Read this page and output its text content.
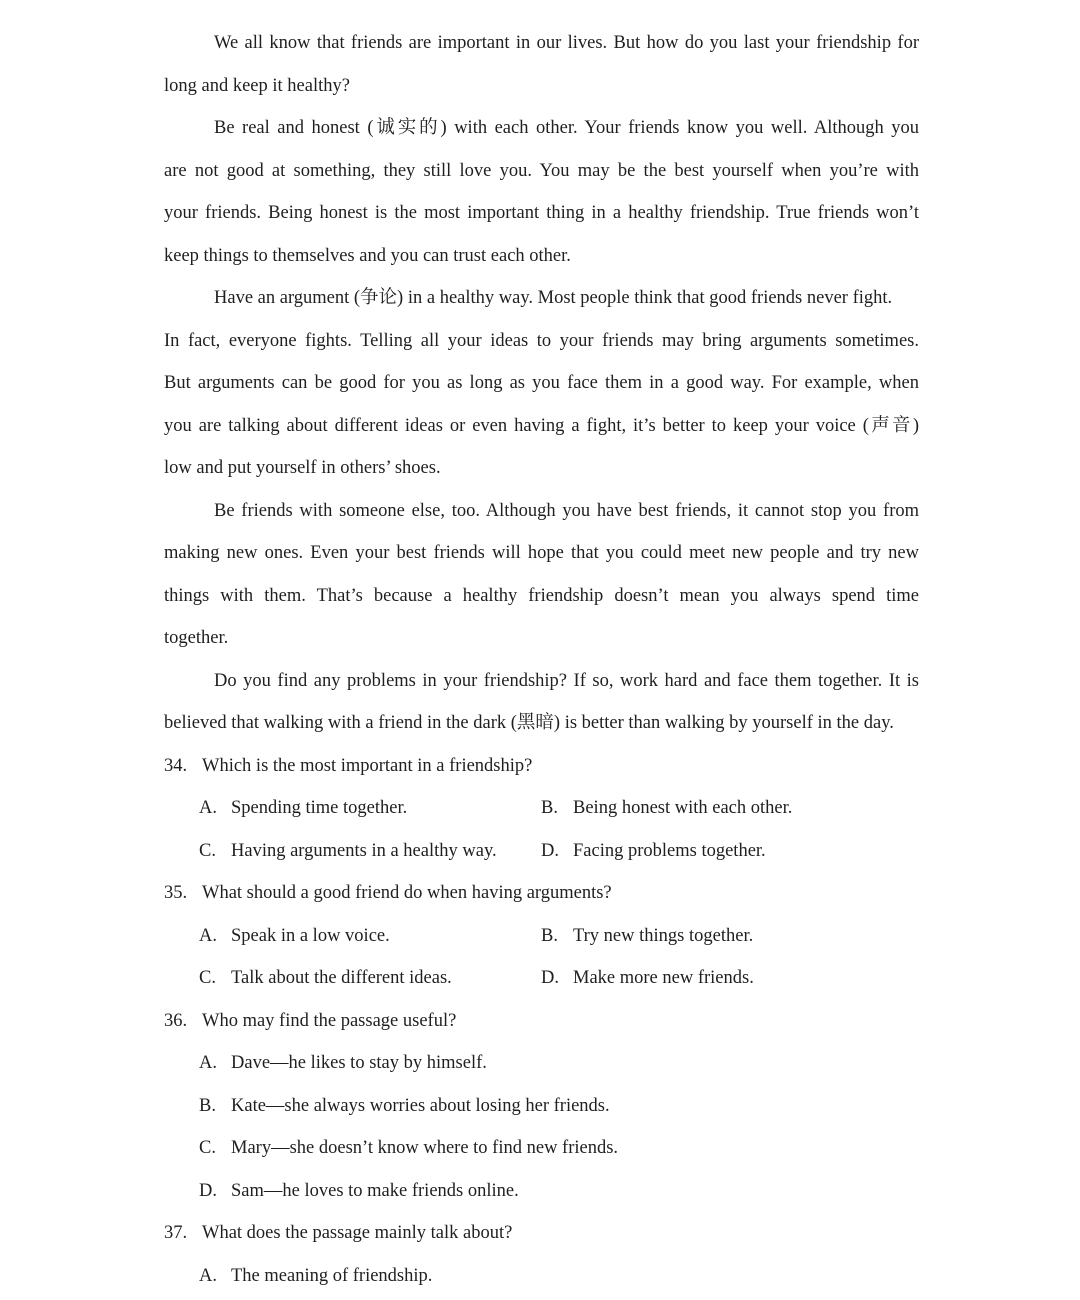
We all know that friends are important in our lives. But how do you last your friendship for
long and keep it healthy?
Be real and honest (诚实的) with each other. Your friends know you well. Although you
are not good at something, they still love you. You may be the best yourself when you’re with
your friends. Being honest is the most important thing in a healthy friendship. True friends won’t
keep things to themselves and you can trust each other.
Have an argument (争论) in a healthy way. Most people think that good friends never fight.
In fact, everyone fights. Telling all your ideas to your friends may bring arguments sometimes.
But arguments can be good for you as long as you face them in a good way. For example, when
you are talking about different ideas or even having a fight, it’s better to keep your voice (声音)
low and put yourself in others’ shoes.
Be friends with someone else, too. Although you have best friends, it cannot stop you from
making new ones. Even your best friends will hope that you could meet new people and try new
things with them. That’s because a healthy friendship doesn’t mean you always spend time
together.
Do you find any problems in your friendship? If so, work hard and face them together. It is
believed that walking with a friend in the dark (黑暗) is better than walking by yourself in the day.
34. Which is the most important in a friendship?
A. Spending time together.	B. Being honest with each other.
C. Having arguments in a healthy way. D. Facing problems together.
35. What should a good friend do when having arguments?
A. Speak in a low voice.	B. Try new things together.
C. Talk about the different ideas.	D. Make more new friends.
36. Who may find the passage useful?
A. Dave—he likes to stay by himself.
B. Kate—she always worries about losing her friends.
C. Mary—she doesn’t know where to find new friends.
D. Sam—he loves to make friends online.
37. What does the passage mainly talk about?
A. The meaning of friendship.
